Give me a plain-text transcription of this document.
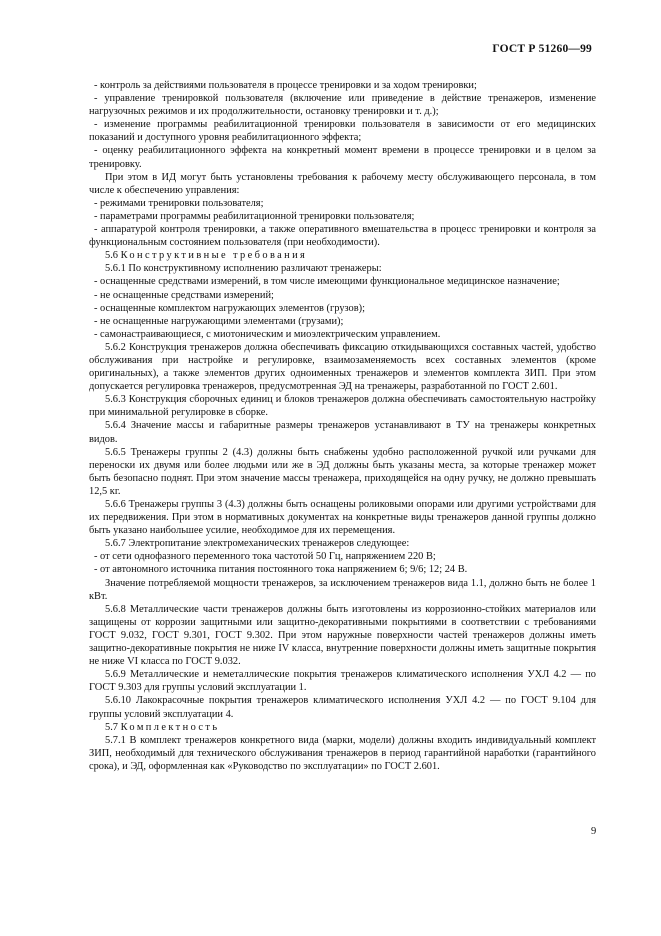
ГОСТ Р 51260—99

- контроль за действиями пользователя в процессе тренировки и за ходом тренировки;

- управление тренировкой пользователя (включение или приведение в действие тренажеров, изменение нагрузочных режимов и их продолжительности, остановку тренировки и т. д.);

- изменение программы реабилитационной тренировки пользователя в зависимости от его медицинских показаний и доступного уровня реабилитационного эффекта;

- оценку реабилитационного эффекта на конкретный момент времени в процессе тренировки и в целом за тренировку.

При этом в ИД могут быть установлены требования к рабочему месту обслуживающего персонала, в том числе к обеспечению управления:

- режимами тренировки пользователя;

- параметрами программы реабилитационной тренировки пользователя;

- аппаратурой контроля тренировки, а также оперативного вмешательства в процесс тренировки и контроля за функциональным состоянием пользователя (при необходимости).

5.6 Конструктивные требования

5.6.1 По конструктивному исполнению различают тренажеры:

- оснащенные средствами измерений, в том числе имеющими функциональное медицинское назначение;

- не оснащенные средствами измерений;

- оснащенные комплектом нагружающих элементов (грузов);

- не оснащенные нагружающими элементами (грузами);

- самонастраивающиеся, с миотоническим и миоэлектрическим управлением.

5.6.2 Конструкция тренажеров должна обеспечивать фиксацию откидывающихся составных частей, удобство обслуживания при настройке и регулировке, взаимозаменяемость всех составных элементов (кроме оригинальных), а также элементов других одноименных тренажеров и элементов комплекта ЗИП. При этом допускается регулировка тренажеров, предусмотренная ЭД на тренажеры, разработанной по ГОСТ 2.601.

5.6.3 Конструкция сборочных единиц и блоков тренажеров должна обеспечивать самостоятельную настройку при минимальной регулировке в сборке.

5.6.4 Значение массы и габаритные размеры тренажеров устанавливают в ТУ на тренажеры конкретных видов.

5.6.5 Тренажеры группы 2 (4.3) должны быть снабжены удобно расположенной ручкой или ручками для переноски их двумя или более людьми или же в ЭД должны быть указаны места, за которые тренажер может быть безопасно поднят. При этом значение массы тренажера, приходящейся на одну ручку, не должно превышать 12,5 кг.

5.6.6 Тренажеры группы 3 (4.3) должны быть оснащены роликовыми опорами или другими устройствами для их передвижения. При этом в нормативных документах на конкретные виды тренажеров данной группы должно быть указано наибольшее усилие, необходимое для их перемещения.

5.6.7 Электропитание электромеханических тренажеров следующее:

- от сети однофазного переменного тока частотой 50 Гц, напряжением 220 В;

- от автономного источника питания постоянного тока напряжением 6; 9/6; 12; 24 В.

Значение потребляемой мощности тренажеров, за исключением тренажеров вида 1.1, должно быть не более 1 кВт.

5.6.8 Металлические части тренажеров должны быть изготовлены из коррозионно-стойких материалов или защищены от коррозии защитными или защитно-декоративными покрытиями в соответствии с требованиями ГОСТ 9.032, ГОСТ 9.301, ГОСТ 9.302. При этом наружные поверхности частей тренажеров должны иметь защитно-декоративные покрытия не ниже IV класса, внутренние поверхности должны иметь защитные покрытия не ниже VI класса по ГОСТ 9.032.

5.6.9 Металлические и неметаллические покрытия тренажеров климатического исполнения УХЛ 4.2 — по ГОСТ 9.303 для группы условий эксплуатации 1.

5.6.10 Лакокрасочные покрытия тренажеров климатического исполнения УХЛ 4.2 — по ГОСТ 9.104 для группы условий эксплуатации 4.

5.7 Комплектность

5.7.1 В комплект тренажеров конкретного вида (марки, модели) должны входить индивидуальный комплект ЗИП, необходимый для технического обслуживания тренажеров в период гарантийной наработки (гарантийного срока), и ЭД, оформленная как «Руководство по эксплуатации» по ГОСТ 2.601.

9
